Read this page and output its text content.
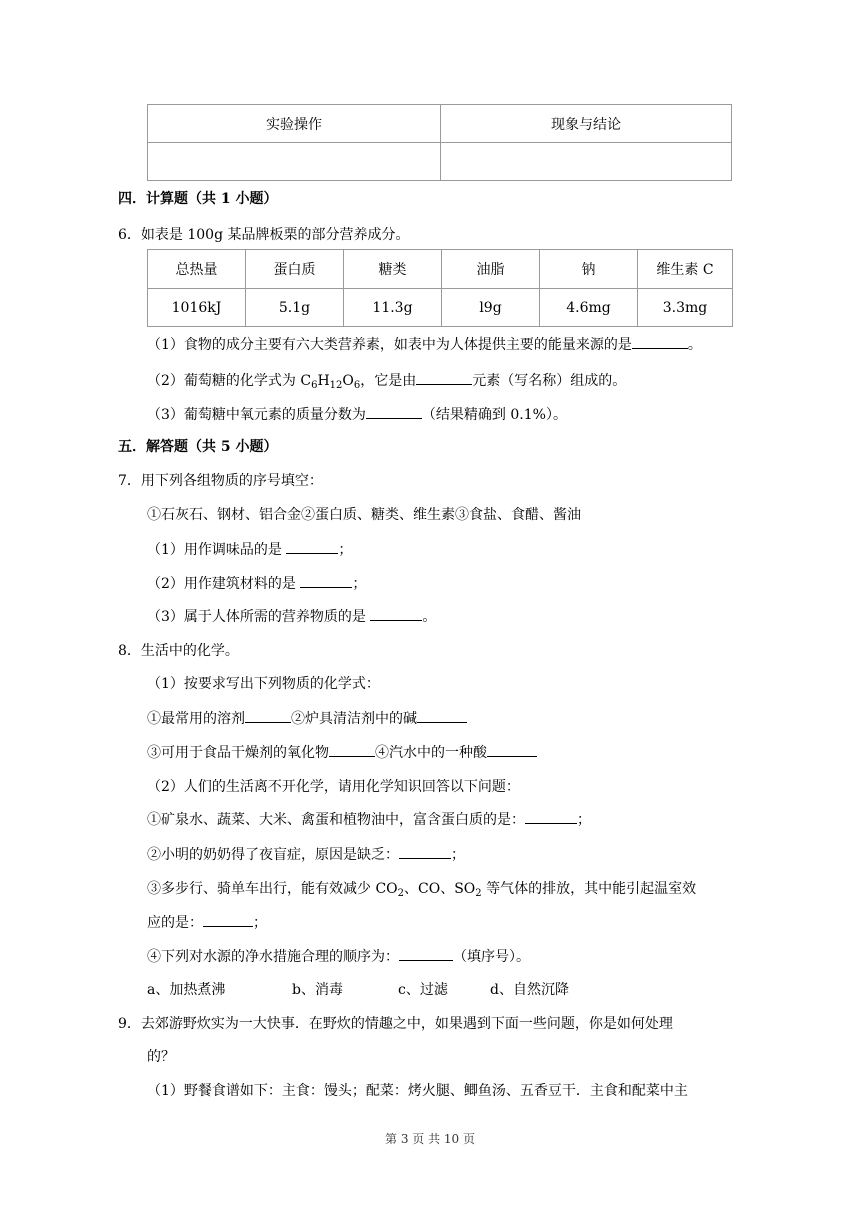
实验操作	现象与结论

四．计算题（共 1 小题）
6．如表是 100g 某品牌板栗的部分营养成分。
总热量	蛋白质	糖类	油脂	钠	维生素 C
1016kJ	5.1g	11.3g	l9g	4.6mg	3.3mg
（1）食物的成分主要有六大类营养素，如表中为人体提供主要的能量来源的是	。
（2）葡萄糖的化学式为 $C_6H_{12}O_6$，它是由	元素（写名称）组成的。
（3）葡萄糖中氧元素的质量分数为	（结果精确到 0.1%）。
五．解答题（共 5 小题）
7．用下列各组物质的序号填空：
①石灰石、钢材、铝合金②蛋白质、糖类、维生素③食盐、食醋、酱油
（1）用作调味品的是	；
（2）用作建筑材料的是	；
（3）属于人体所需的营养物质的是	。
8．生活中的化学。
（1）按要求写出下列物质的化学式：
①最常用的溶剂	②炉具清洁剂中的碱
③可用于食品干燥剂的氧化物	④汽水中的一种酸
（2）人们的生活离不开化学，请用化学知识回答以下问题：
①矿泉水、蔬菜、大米、禽蛋和植物油中，富含蛋白质的是：	；
②小明的奶奶得了夜盲症，原因是缺乏：	；
③多步行、骑单车出行，能有效减少 $CO_2$、CO、$SO_2$ 等气体的排放，其中能引起温室效
应的是：	；
④下列对水源的净水措施合理的顺序为：	（填序号）。
a、加热煮沸	b、消毒	c、过滤	d、自然沉降
9．去郊游野炊实为一大快事．在野炊的情趣之中，如果遇到下面一些问题，你是如何处理
的？
（1）野餐食谱如下：主食：馒头；配菜：烤火腿、鲫鱼汤、五香豆干．主食和配菜中主
第 3 页 共 10 页
